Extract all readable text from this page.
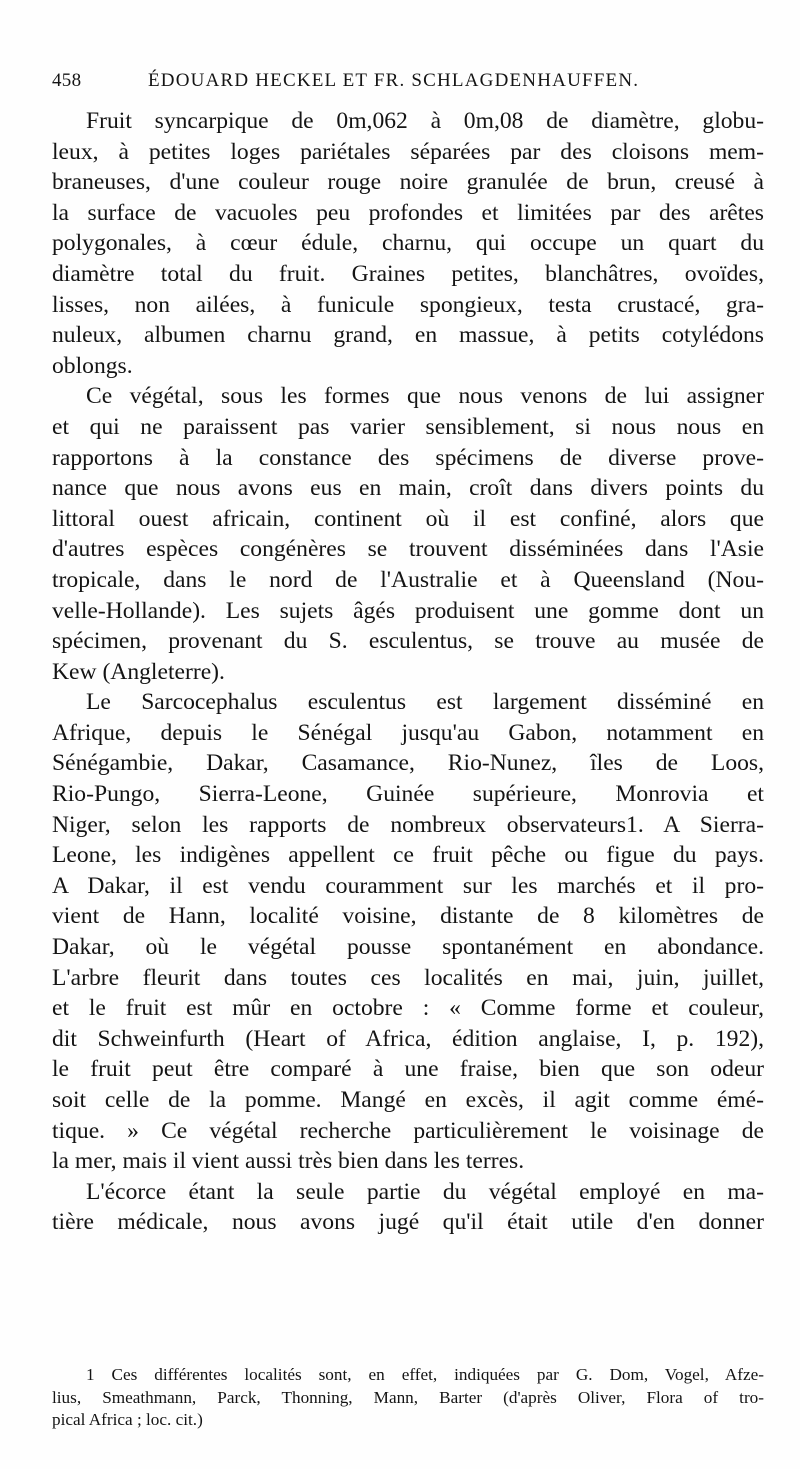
458	ÉDOUARD HECKEL ET FR. SCHLAGDENHAUFFEN.

Fruit syncarpique de 0m,062 à 0m,08 de diamètre, globu-
leux, à petites loges pariétales séparées par des cloisons mem-
braneuses, d'une couleur rouge noire granulée de brun, creusé à
la surface de vacuoles peu profondes et limitées par des arêtes
polygonales, à cœur édule, charnu, qui occupe un quart du
diamètre total du fruit. Graines petites, blanchâtres, ovoïdes,
lisses, non ailées, à funicule spongieux, testa crustacé, gra-
nuleux, albumen charnu grand, en massue, à petits cotylédons
oblongs.

Ce végétal, sous les formes que nous venons de lui assigner
et qui ne paraissent pas varier sensiblement, si nous nous en
rapportons à la constance des spécimens de diverse prove-
nance que nous avons eus en main, croît dans divers points du
littoral ouest africain, continent où il est confiné, alors que
d'autres espèces congénères se trouvent disséminées dans l'Asie
tropicale, dans le nord de l'Australie et à Queensland (Nou-
velle-Hollande). Les sujets âgés produisent une gomme dont un
spécimen, provenant du S. esculentus, se trouve au musée de
Kew (Angleterre).

Le Sarcocephalus esculentus est largement disséminé en
Afrique, depuis le Sénégal jusqu'au Gabon, notamment en
Sénégambie, Dakar, Casamance, Rio-Nunez, îles de Loos,
Rio-Pungo, Sierra-Leone, Guinée supérieure, Monrovia et
Niger, selon les rapports de nombreux observateurs1. A Sierra-
Leone, les indigènes appellent ce fruit pêche ou figue du pays.
A Dakar, il est vendu couramment sur les marchés et il pro-
vient de Hann, localité voisine, distante de 8 kilomètres de
Dakar, où le végétal pousse spontanément en abondance.
L'arbre fleurit dans toutes ces localités en mai, juin, juillet,
et le fruit est mûr en octobre : « Comme forme et couleur,
dit Schweinfurth (Heart of Africa, édition anglaise, I, p. 192),
le fruit peut être comparé à une fraise, bien que son odeur
soit celle de la pomme. Mangé en excès, il agit comme émé-
tique. » Ce végétal recherche particulièrement le voisinage de
la mer, mais il vient aussi très bien dans les terres.

L'écorce étant la seule partie du végétal employé en ma-
tière médicale, nous avons jugé qu'il était utile d'en donner

1 Ces différentes localités sont, en effet, indiquées par G. Dom, Vogel, Afze-
lius, Smeathmann, Parck, Thonning, Mann, Barter (d'après Oliver, Flora of tro-
pical Africa ; loc. cit.)
